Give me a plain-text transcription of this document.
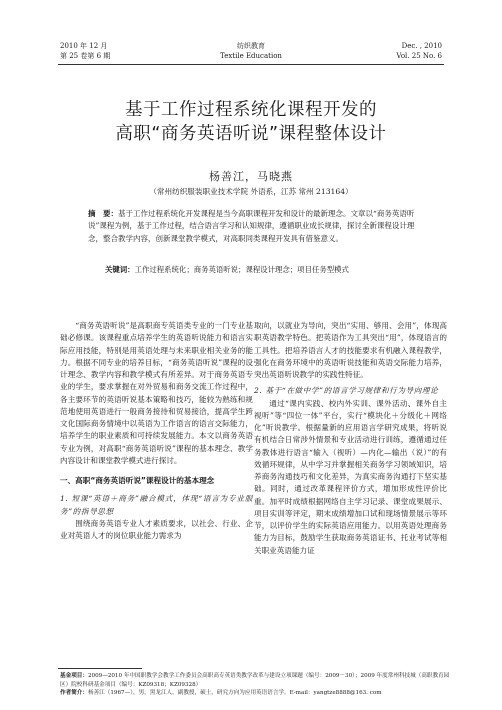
2010 年 12 月
第 25 卷第 6 期
纺织教育
Textile Education
Dec. , 2010
Vol. 25 No. 6
基于工作过程系统化课程开发的
高职“商务英语听说”课程整体设计
杨善江，马晓燕
（常州纺织服装职业技术学院 外语系，江苏 常州 213164）
摘　要：基于工作过程系统化开发课程是当今高职课程开发和设计的最新理念。文章以“商务英语听说”课程为例，基于工作过程，结合语言学习和认知规律，遵循职业成长规律，探讨全新课程设计理念，整合教学内容，创新课堂教学模式，对高职同类课程开发具有借鉴意义。
关键词：工作过程系统化；商务英语听说；课程设计理念；项目任务型模式

“商务英语听说”是高职商专英语类专业的一门专业基础必修课。该课程重点培养学生的英语听说能力和语言实际应用技能，特别是用英语处理与未来职业相关业务的能力。根据不同专业的培养目标，“商务英语听说”课程的设计理念、教学内容和教学模式有所差异。对于商务英语专业的学生，要求掌握在对外贸易和商务交流工作过程中，各主要环节的英语听说基本策略和技巧，能较为熟练和规范地使用英语进行一般商务接待和贸易接洽，提高学生跨文化国际商务情境中以英语为工作语言的语言交际能力，培养学生的职业素质和可持续发展能力。本文以商务英语专业为例，对高职“商务英语听说”课程的基本理念、教学内容设计和课堂教学模式进行探讨。

一、高职“商务英语听说”课程设计的基本理念

1. 短课“英语＋商务”融合模式，体现“语言为专业服务”的指导思想

围绕商务英语专业人才素质要求，以社会、行业、企业对英语人才的岗位职业能力需求为

取向，以就业为导向，突出“实用、够用、会用”，体现高职英语教学特色。把英语作为工具突出“用”，体现语言的工具性。把培养语言人才的技能要求有机融入课程教学，强化在商务环境中的英语听说技能和英语交际能力培养，突出英语听说教学的实践性特征。

2. 基于“在做中学”的语言学习规律和行为导向理论

通过“课内实践、校内外实训、课外活动、课外自主视听”等“四位一体”平台，实行“模块化＋分级化＋网络化”听说教学。根据量新的应用语言学研究成果，将听说有机结合日常涉外情景和专业活动进行训练，遵循通过任务教体进行语言“输入（视听）—内化—输出（说）”的有效循环规律，从中学习并掌握相关商务学习领域知识，培养商务沟通技巧和文化差异，为真实商务沟通打下坚实基础。同时，通过改革课程评价方式，增加形成性评价比重。加平时成绩根据网络自主学习记录、课堂成果展示、项目实训等评定，期末成绩增加口试和现场情景展示等环节，以评价学生的实际英语应用能力。以用英语处理商务能力为目标，鼓励学生获取商务英语证书、托业考试等相关职业英语能力证

基金项目：2009—2010 年中国职教学会教学工作委员会高职高专英语类教学改革与建设立项课题（编号：2009－30）；2009 年度常州科技城（高职教育园区）院校科研基金项目（编号：KZ09318；KZ09328）
作者简介：杨善江（1967—），男，黑龙江人，副教授，硕士，研究方向为应用英语语言学。E-mail：yangtze8888@163. com
